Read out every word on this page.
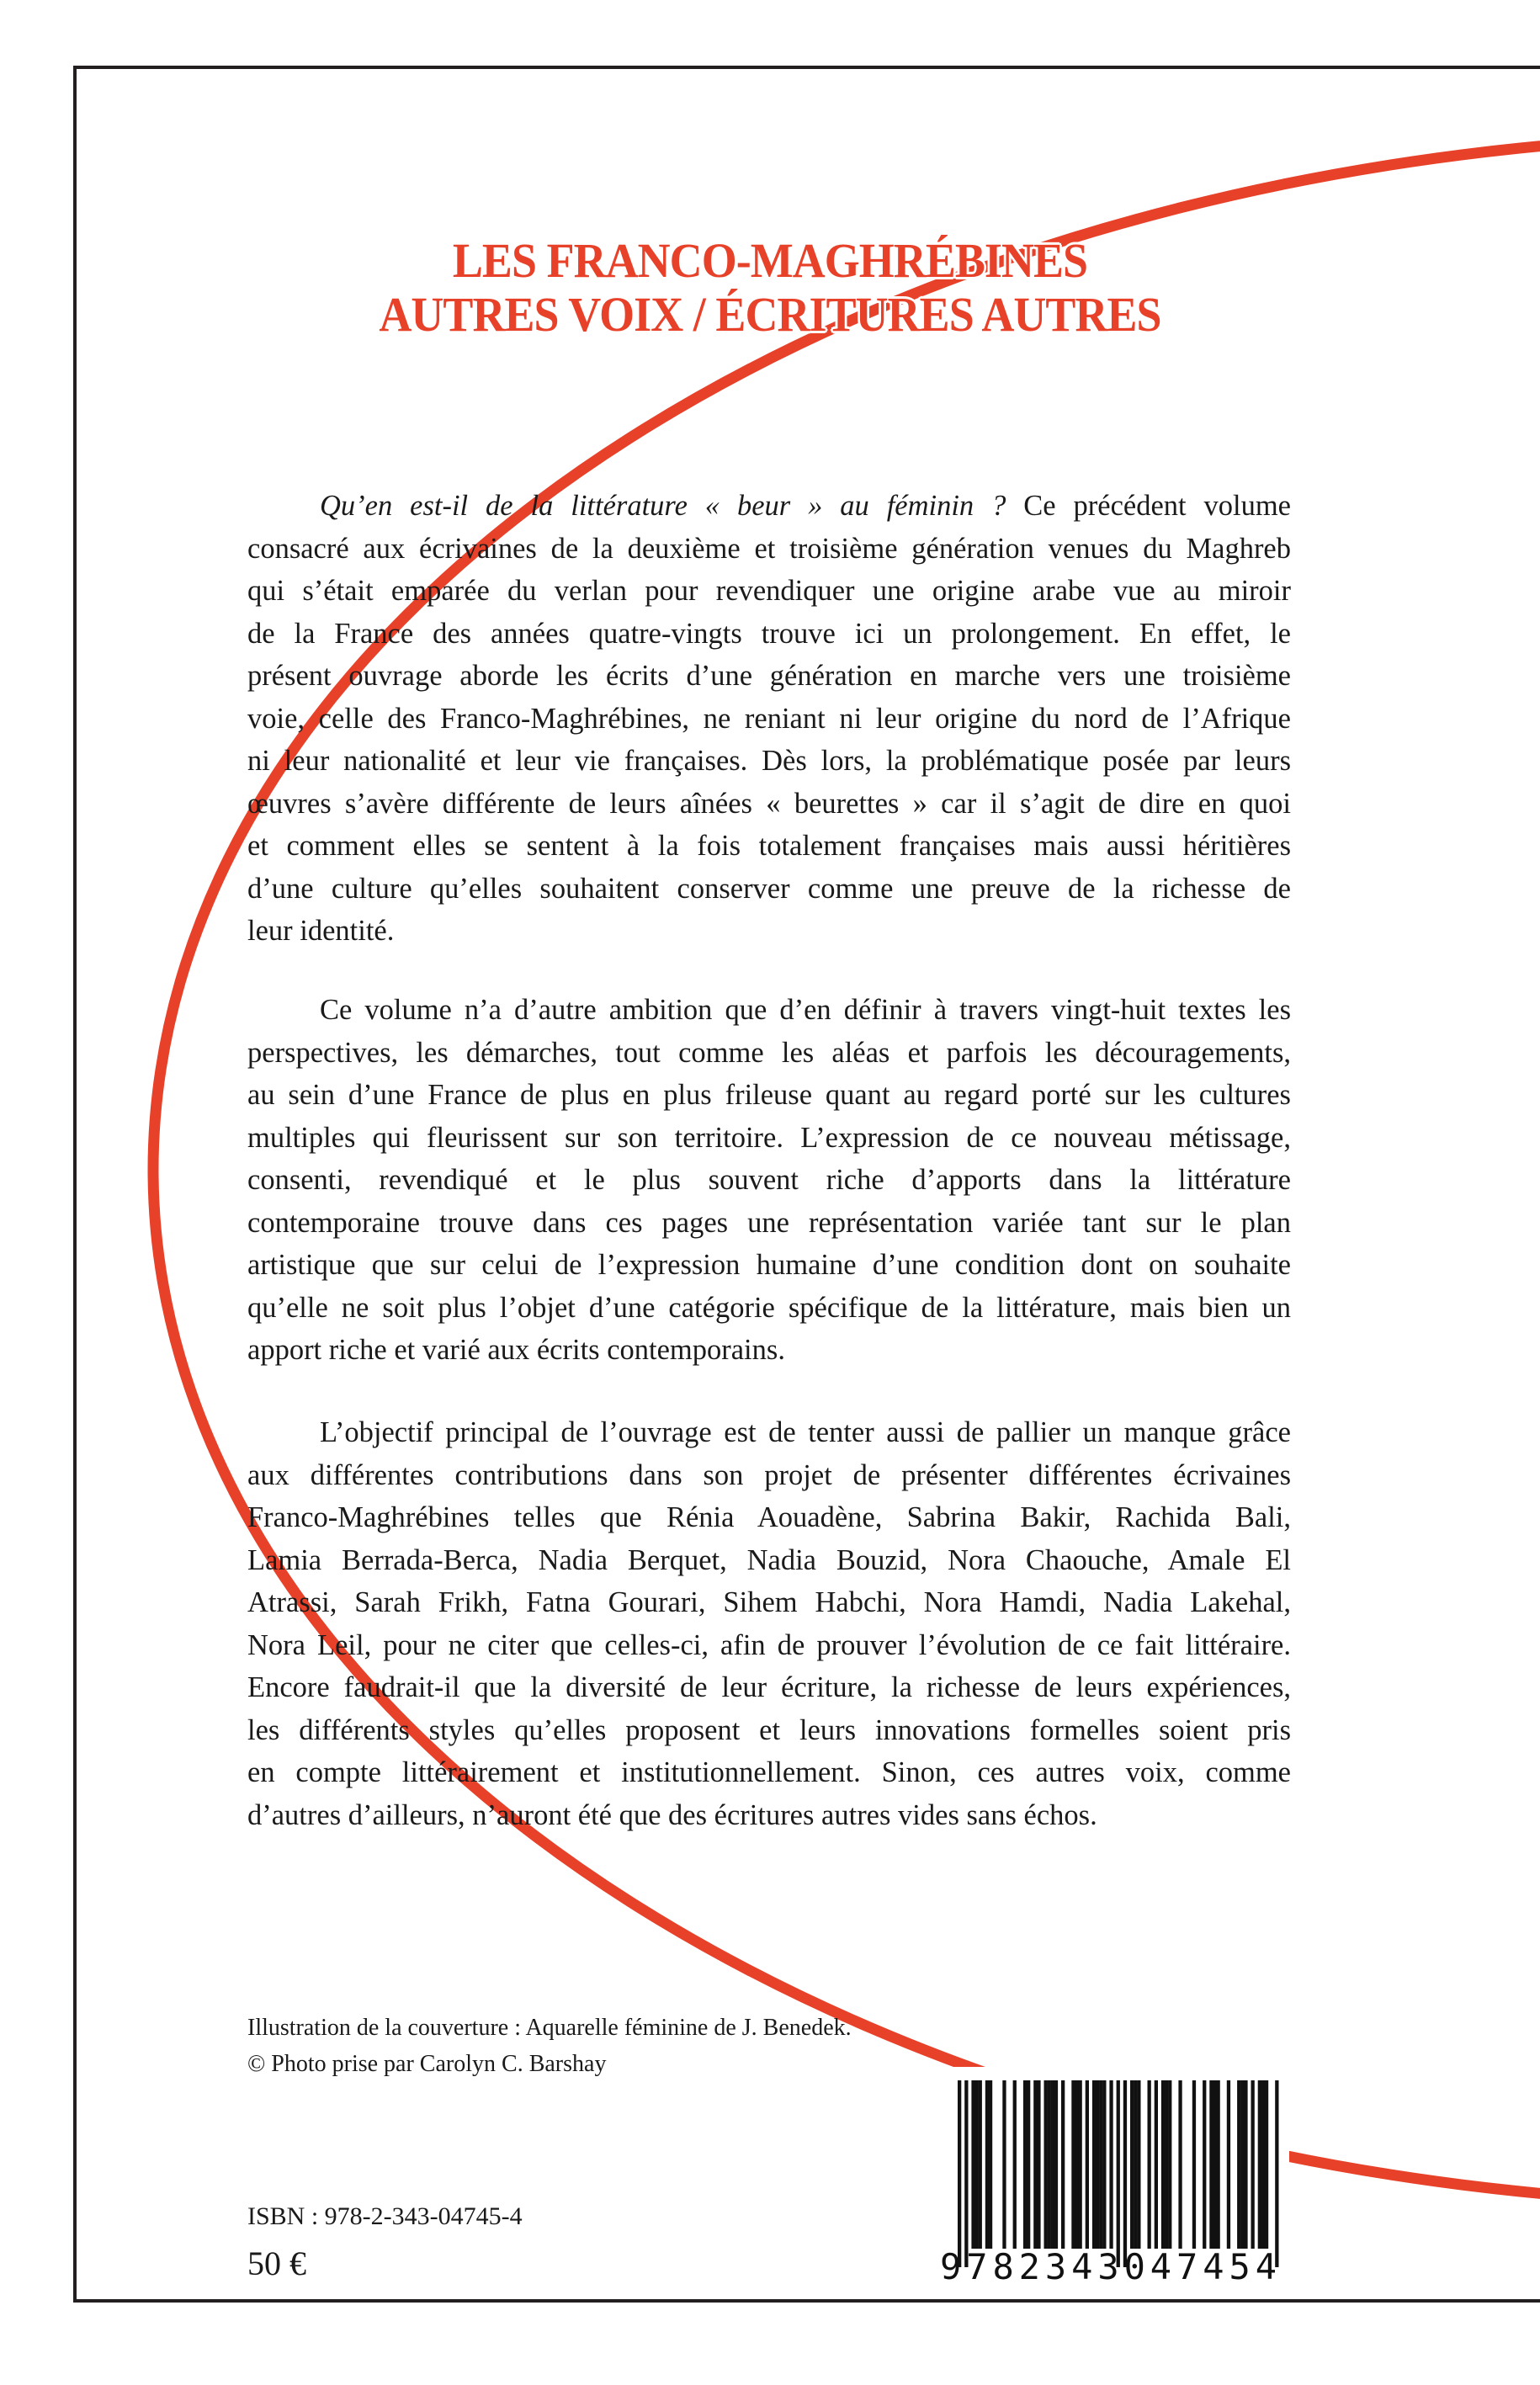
LES FRANCO-MAGHRÉBINES
AUTRES VOIX / ÉCRITURES AUTRES
Qu’en est-il de la littérature « beur » au féminin ? Ce précédent volume
consacré aux écrivaines de la deuxième et troisième génération venues du Maghreb
qui s’était emparée du verlan pour revendiquer une origine arabe vue au miroir
de la France des années quatre-vingts trouve ici un prolongement. En effet, le
présent ouvrage aborde les écrits d’une génération en marche vers une troisième
voie, celle des Franco-Maghrébines, ne reniant ni leur origine du nord de l’Afrique
ni leur nationalité et leur vie françaises. Dès lors, la problématique posée par leurs
œuvres s’avère différente de leurs aînées « beurettes » car il s’agit de dire en quoi
et comment elles se sentent à la fois totalement françaises mais aussi héritières
d’une culture qu’elles souhaitent conserver comme une preuve de la richesse de
leur identité.
Ce volume n’a d’autre ambition que d’en définir à travers vingt-huit textes les
perspectives, les démarches, tout comme les aléas et parfois les découragements,
au sein d’une France de plus en plus frileuse quant au regard porté sur les cultures
multiples qui fleurissent sur son territoire. L’expression de ce nouveau métissage,
consenti, revendiqué et le plus souvent riche d’apports dans la littérature
contemporaine trouve dans ces pages une représentation variée tant sur le plan
artistique que sur celui de l’expression humaine d’une condition dont on souhaite
qu’elle ne soit plus l’objet d’une catégorie spécifique de la littérature, mais bien un
apport riche et varié aux écrits contemporains.
L’objectif principal de l’ouvrage est de tenter aussi de pallier un manque grâce
aux différentes contributions dans son projet de présenter différentes écrivaines
Franco-Maghrébines telles que Rénia Aouadène, Sabrina Bakir, Rachida Bali,
Lamia Berrada-Berca, Nadia Berquet, Nadia Bouzid, Nora Chaouche, Amale El
Atrassi, Sarah Frikh, Fatna Gourari, Sihem Habchi, Nora Hamdi, Nadia Lakehal,
Nora Leil, pour ne citer que celles-ci, afin de prouver l’évolution de ce fait littéraire.
Encore faudrait-il que la diversité de leur écriture, la richesse de leurs expériences,
les différents styles qu’elles proposent et leurs innovations formelles soient pris
en compte littérairement et institutionnellement. Sinon, ces autres voix, comme
d’autres d’ailleurs, n’auront été que des écritures autres vides sans échos.
Illustration de la couverture : Aquarelle féminine de J. Benedek.
© Photo prise par Carolyn C. Barshay
ISBN : 978-2-343-04745-4
50 €	9782343047454
